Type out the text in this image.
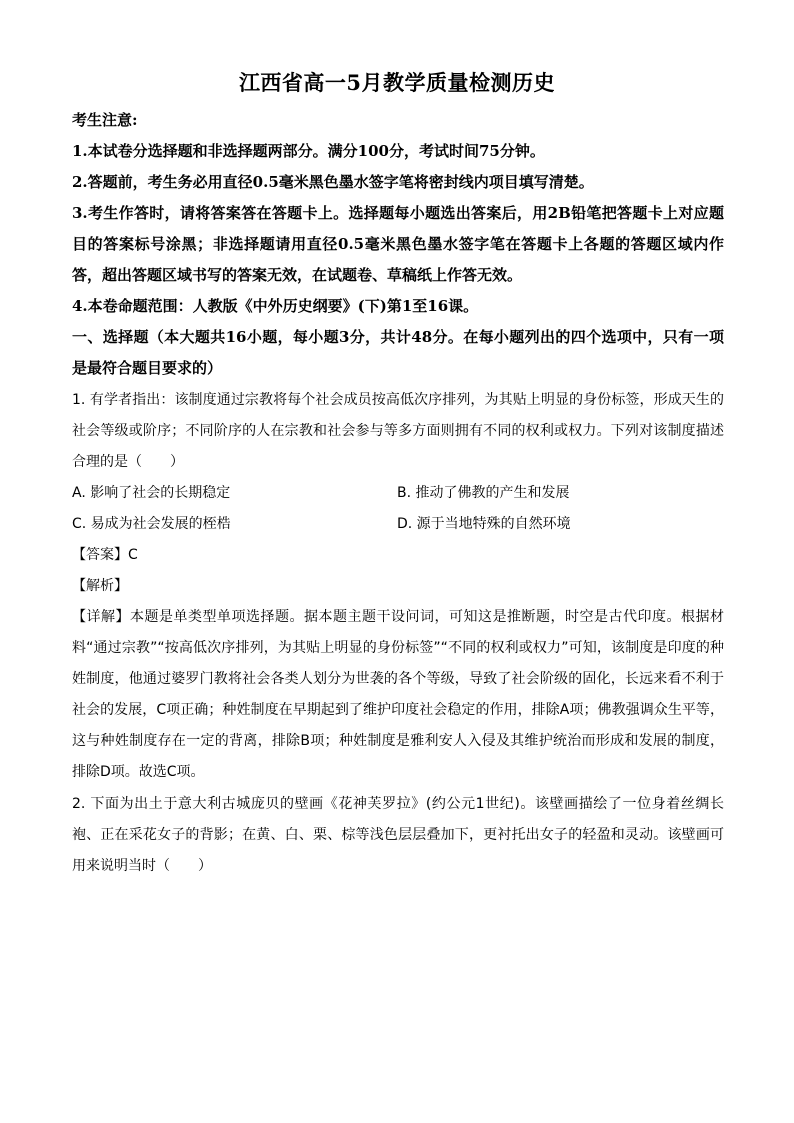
江西省高一5月教学质量检测历史
考生注意:
1.本试卷分选择题和非选择题两部分。满分100分，考试时间75分钟。
2.答题前，考生务必用直径0.5毫米黑色墨水签字笔将密封线内项目填写清楚。
3.考生作答时，请将答案答在答题卡上。选择题每小题选出答案后，用2B铅笔把答题卡上对应题目的答案标号涂黑；非选择题请用直径0.5毫米黑色墨水签字笔在答题卡上各题的答题区域内作答，超出答题区域书写的答案无效，在试题卷、草稿纸上作答无效。
4.本卷命题范围：人教版《中外历史纲要》(下)第1至16课。
一、选择题（本大题共16小题，每小题3分，共计48分。在每小题列出的四个选项中，只有一项是最符合题目要求的）
1. 有学者指出：该制度通过宗教将每个社会成员按高低次序排列，为其贴上明显的身份标签，形成天生的社会等级或阶序；不同阶序的人在宗教和社会参与等多方面则拥有不同的权利或权力。下列对该制度描述合理的是（　　）
A. 影响了社会的长期稳定	B. 推动了佛教的产生和发展
C. 易成为社会发展的桎梏	D. 源于当地特殊的自然环境
【答案】C
【解析】
【详解】本题是单类型单项选择题。据本题主题干设问词，可知这是推断题，时空是古代印度。根据材料“通过宗教”“按高低次序排列，为其贴上明显的身份标签”“不同的权利或权力”可知，该制度是印度的种姓制度，他通过婆罗门教将社会各类人划分为世袭的各个等级，导致了社会阶级的固化，长远来看不利于社会的发展，C项正确；种姓制度在早期起到了维护印度社会稳定的作用，排除A项；佛教强调众生平等，这与种姓制度存在一定的背离，排除B项；种姓制度是雅利安人入侵及其维护统治而形成和发展的制度，排除D项。故选C项。
2. 下面为出土于意大利古城庞贝的壁画《花神芙罗拉》(约公元1世纪)。该壁画描绘了一位身着丝绸长袍、正在采花女子的背影；在黄、白、栗、棕等浅色层层叠加下，更衬托出女子的轻盈和灵动。该壁画可用来说明当时（　　）
